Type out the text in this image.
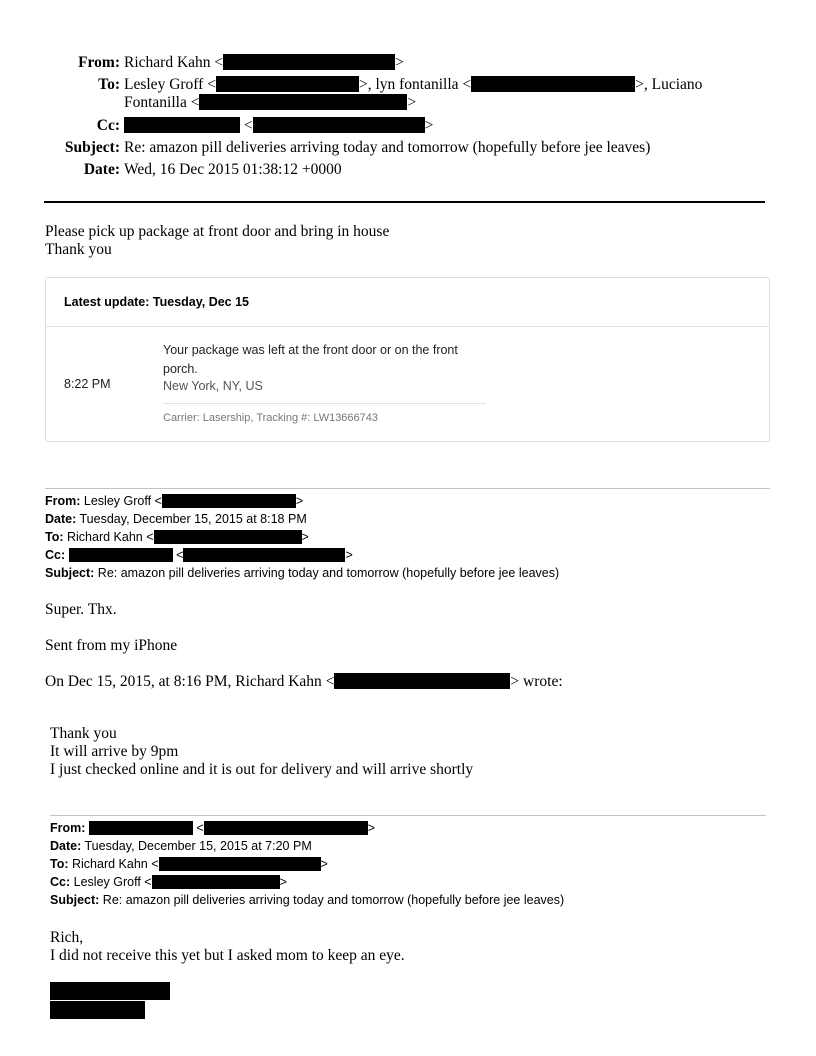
From: Richard Kahn <	>
To: Lesley Groff <	>, lyn fontanilla <	>, Luciano
Fontanilla <	>
Cc:	<	>
Subject: Re: amazon pill deliveries arriving today and tomorrow (hopefully before jee leaves)
Date: Wed, 16 Dec 2015 01:38:12 +0000
Please pick up package at front door and bring in house
Thank you
Latest update: Tuesday, Dec 15
8:22 PM
Your package was left at the front door or on the front porch.
New York, NY, US
Carrier: Lasership, Tracking #: LW13666743
From: Lesley Groff <	>
Date: Tuesday, December 15, 2015 at 8:18 PM
To: Richard Kahn <	>
Cc:	<	>
Subject: Re: amazon pill deliveries arriving today and tomorrow (hopefully before jee leaves)
Super. Thx.
Sent from my iPhone
On Dec 15, 2015, at 8:16 PM, Richard Kahn <	> wrote:
Thank you
It will arrive by 9pm
I just checked online and it is out for delivery and will arrive shortly
From:	<	>
Date: Tuesday, December 15, 2015 at 7:20 PM
To: Richard Kahn <	>
Cc: Lesley Groff <	>
Subject: Re: amazon pill deliveries arriving today and tomorrow (hopefully before jee leaves)
Rich,
I did not receive this yet but I asked mom to keep an eye.
